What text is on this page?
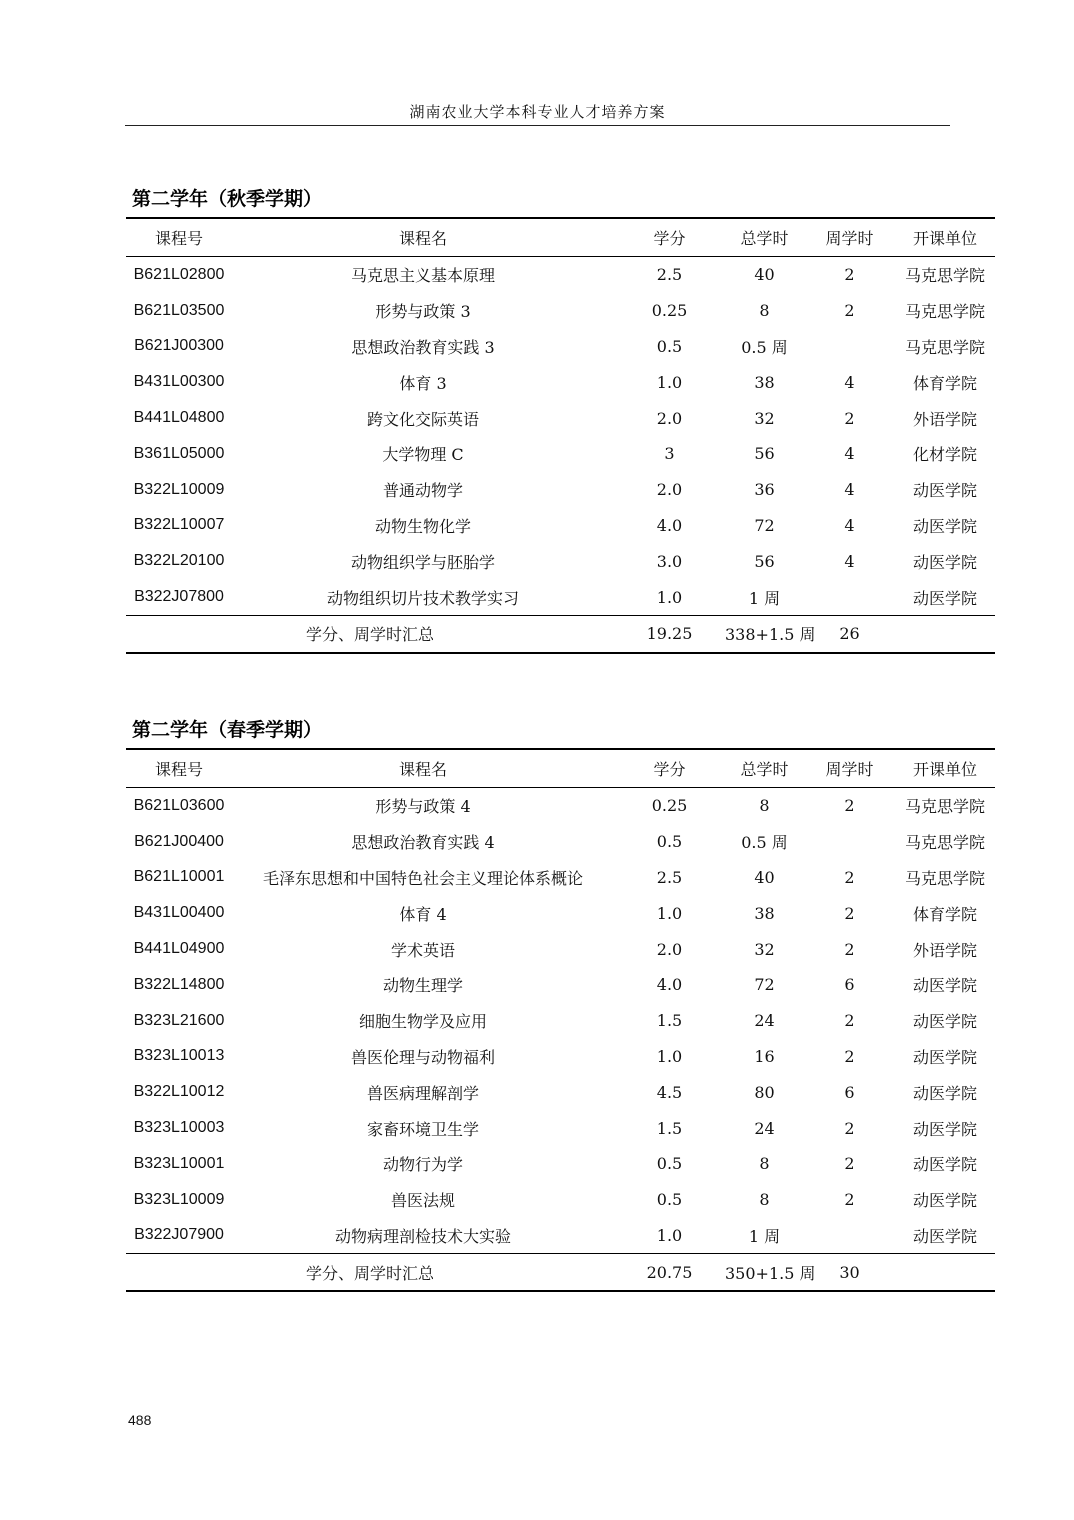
湖南农业大学本科专业人才培养方案
第二学年（秋季学期）
课程号	课程名	学分	总学时	周学时	开课单位
B621L02800	马克思主义基本原理	2.5	40	2	马克思学院
B621L03500	形势与政策 3	0.25	8	2	马克思学院
B621J00300	思想政治教育实践 3	0.5	0.5 周		马克思学院
B431L00300	体育 3	1.0	38	4	体育学院
B441L04800	跨文化交际英语	2.0	32	2	外语学院
B361L05000	大学物理 C	3	56	4	化材学院
B322L10009	普通动物学	2.0	36	4	动医学院
B322L10007	动物生物化学	4.0	72	4	动医学院
B322L20100	动物组织学与胚胎学	3.0	56	4	动医学院
B322J07800	动物组织切片技术教学实习	1.0	1 周		动医学院
学分、周学时汇总		19.25	338+1.5 周	26	
第二学年（春季学期）
课程号	课程名	学分	总学时	周学时	开课单位
B621L03600	形势与政策 4	0.25	8	2	马克思学院
B621J00400	思想政治教育实践 4	0.5	0.5 周		马克思学院
B621L10001	毛泽东思想和中国特色社会主义理论体系概论	2.5	40	2	马克思学院
B431L00400	体育 4	1.0	38	2	体育学院
B441L04900	学术英语	2.0	32	2	外语学院
B322L14800	动物生理学	4.0	72	6	动医学院
B323L21600	细胞生物学及应用	1.5	24	2	动医学院
B323L10013	兽医伦理与动物福利	1.0	16	2	动医学院
B322L10012	兽医病理解剖学	4.5	80	6	动医学院
B323L10003	家畜环境卫生学	1.5	24	2	动医学院
B323L10001	动物行为学	0.5	8	2	动医学院
B323L10009	兽医法规	0.5	8	2	动医学院
B322J07900	动物病理剖检技术大实验	1.0	1 周		动医学院
学分、周学时汇总		20.75	350+1.5 周	30	
488
